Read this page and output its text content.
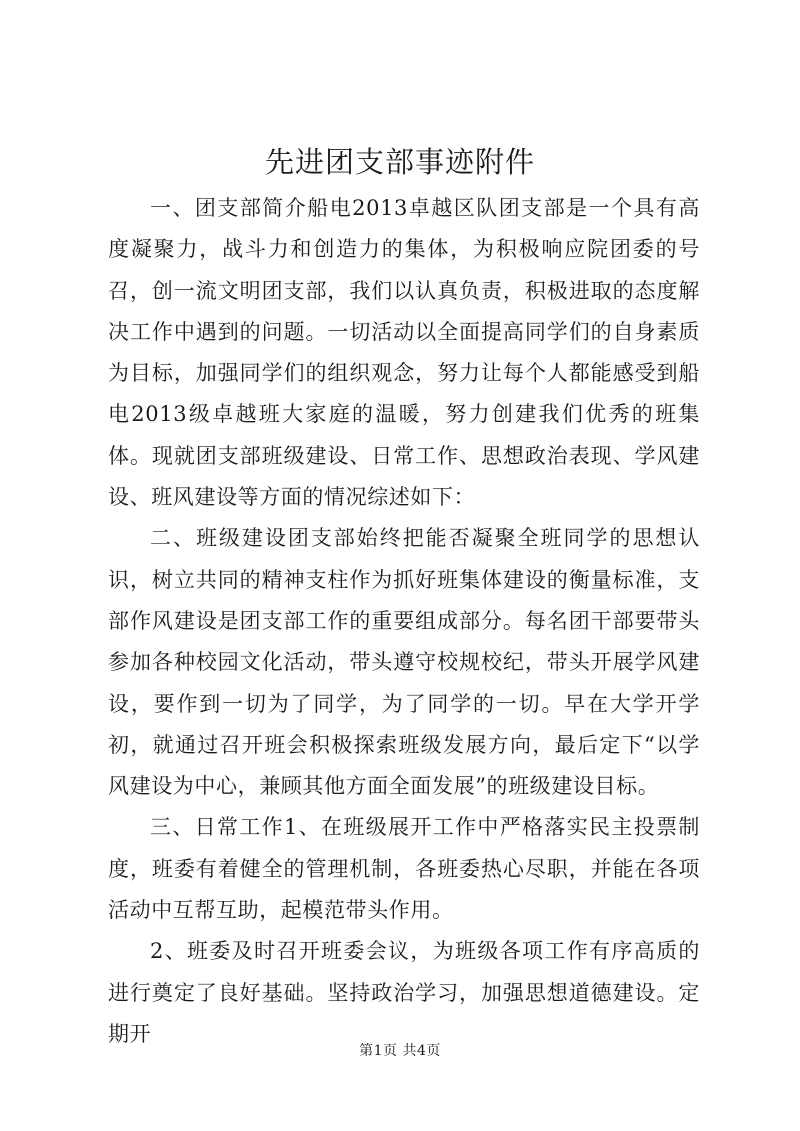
先进团支部事迹附件

一、团支部简介船电2013卓越区队团支部是一个具有高度凝聚力，战斗力和创造力的集体，为积极响应院团委的号召，创一流文明团支部，我们以认真负责，积极进取的态度解决工作中遇到的问题。一切活动以全面提高同学们的自身素质为目标，加强同学们的组织观念，努力让每个人都能感受到船电2013级卓越班大家庭的温暖，努力创建我们优秀的班集体。现就团支部班级建设、日常工作、思想政治表现、学风建设、班风建设等方面的情况综述如下：

二、班级建设团支部始终把能否凝聚全班同学的思想认识，树立共同的精神支柱作为抓好班集体建设的衡量标准，支部作风建设是团支部工作的重要组成部分。每名团干部要带头参加各种校园文化活动，带头遵守校规校纪，带头开展学风建设，要作到一切为了同学，为了同学的一切。早在大学开学初，就通过召开班会积极探索班级发展方向，最后定下“以学风建设为中心，兼顾其他方面全面发展”的班级建设目标。

三、日常工作1、在班级展开工作中严格落实民主投票制度，班委有着健全的管理机制，各班委热心尽职，并能在各项活动中互帮互助，起模范带头作用。

2、班委及时召开班委会议，为班级各项工作有序高质的进行奠定了良好基础。坚持政治学习，加强思想道德建设。定期开

第1页 共4页
